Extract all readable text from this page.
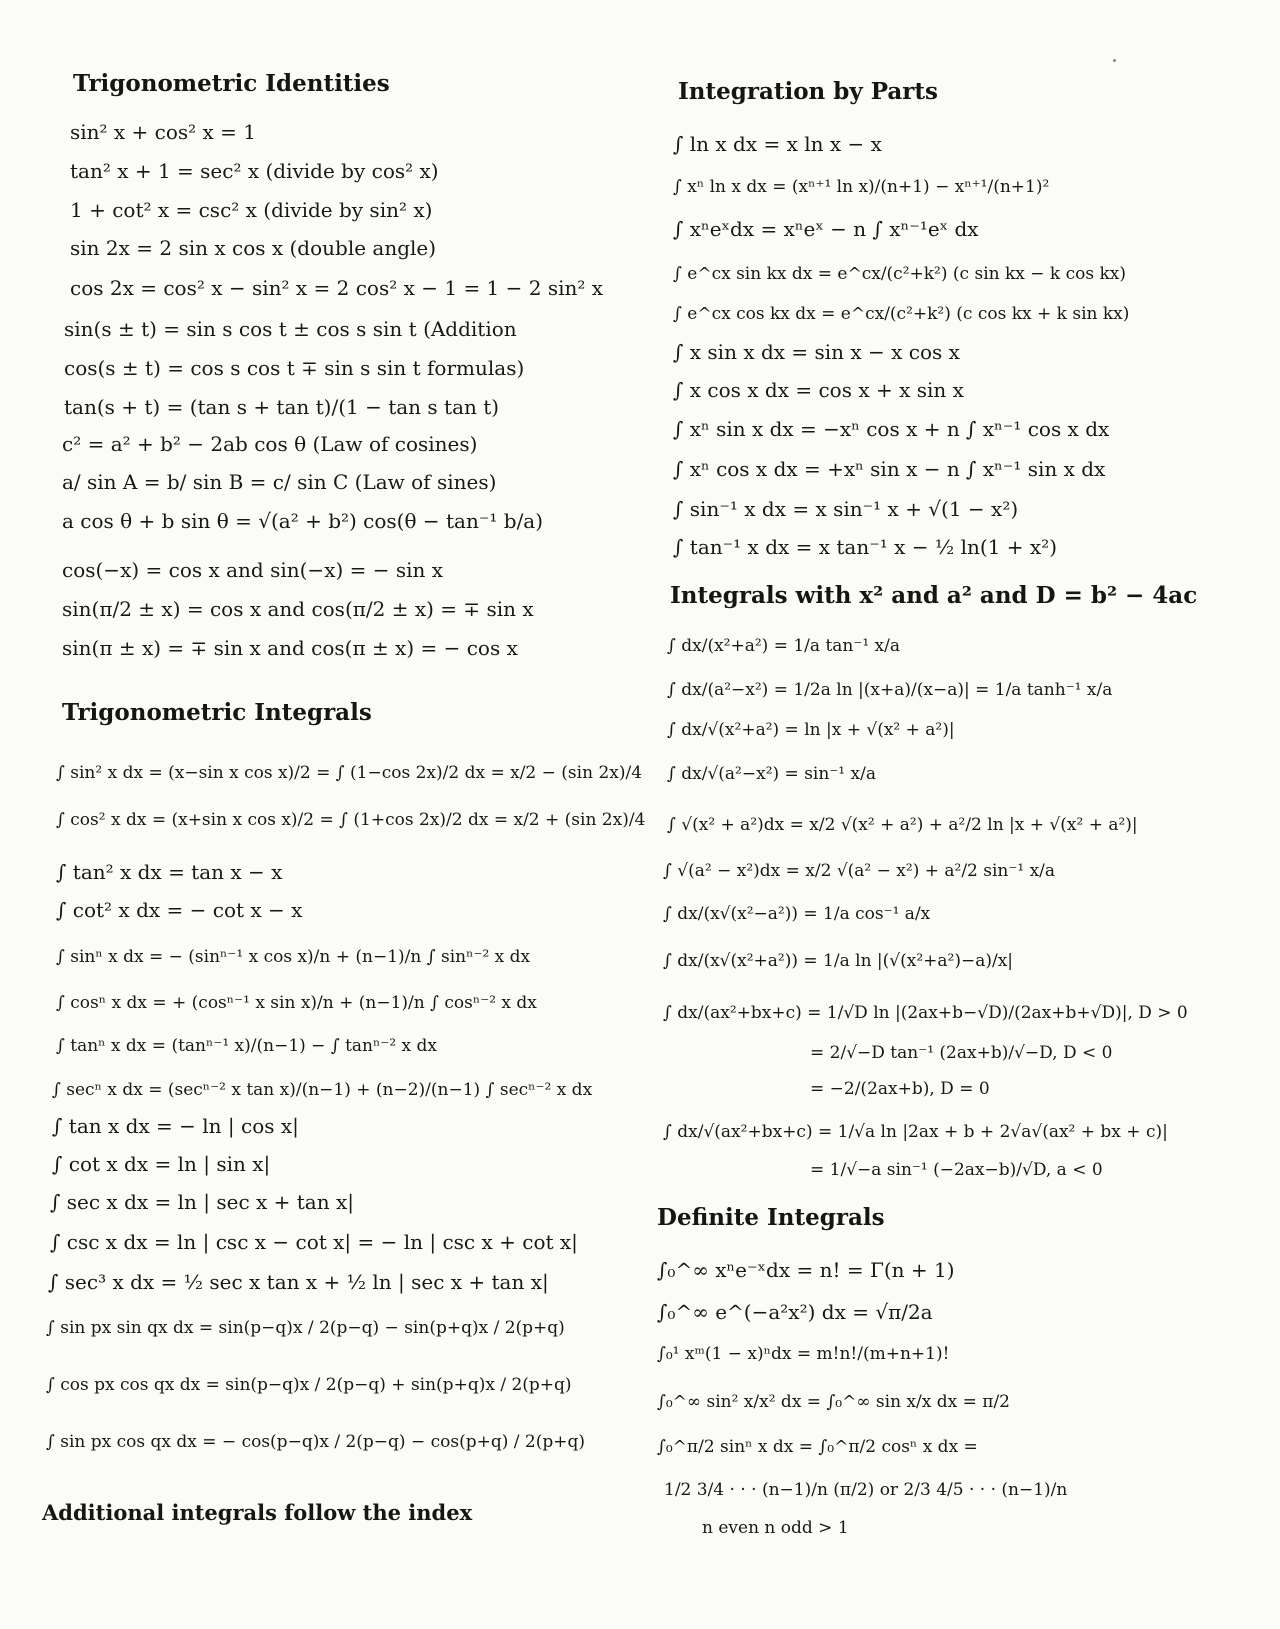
Trigonometric Identities
sin² x + cos² x = 1
tan² x + 1 = sec² x (divide by cos² x)
1 + cot² x = csc² x (divide by sin² x)
sin 2x = 2 sin x cos x (double angle)
cos 2x = cos² x − sin² x = 2 cos² x − 1 = 1 − 2 sin² x
sin(s ± t) = sin s cos t ± cos s sin t (Addition
cos(s ± t) = cos s cos t ∓ sin s sin t formulas)
tan(s + t) = (tan s + tan t)/(1 − tan s tan t)
c² = a² + b² − 2ab cos θ (Law of cosines)
a/ sin A = b/ sin B = c/ sin C (Law of sines)
a cos θ + b sin θ = √(a² + b²) cos(θ − tan⁻¹ b/a)
cos(−x) = cos x and sin(−x) = − sin x
sin(π/2 ± x) = cos x and cos(π/2 ± x) = ∓ sin x
sin(π ± x) = ∓ sin x and cos(π ± x) = − cos x
Trigonometric Integrals
∫ sin² x dx = (x−sin x cos x)/2 = ∫ (1−cos 2x)/2 dx = x/2 − (sin 2x)/4
∫ cos² x dx = (x+sin x cos x)/2 = ∫ (1+cos 2x)/2 dx = x/2 + (sin 2x)/4
∫ tan² x dx = tan x − x
∫ cot² x dx = − cot x − x
∫ sinⁿ x dx = − (sinⁿ⁻¹ x cos x)/n + (n−1)/n ∫ sinⁿ⁻² x dx
∫ cosⁿ x dx = + (cosⁿ⁻¹ x sin x)/n + (n−1)/n ∫ cosⁿ⁻² x dx
∫ tanⁿ x dx = (tanⁿ⁻¹ x)/(n−1) − ∫ tanⁿ⁻² x dx
∫ secⁿ x dx = (secⁿ⁻² x tan x)/(n−1) + (n−2)/(n−1) ∫ secⁿ⁻² x dx
∫ tan x dx = − ln | cos x|
∫ cot x dx = ln | sin x|
∫ sec x dx = ln | sec x + tan x|
∫ csc x dx = ln | csc x − cot x| = − ln | csc x + cot x|
∫ sec³ x dx = ½ sec x tan x + ½ ln | sec x + tan x|
∫ sin px sin qx dx = sin(p−q)x / 2(p−q) − sin(p+q)x / 2(p+q)
∫ cos px cos qx dx = sin(p−q)x / 2(p−q) + sin(p+q)x / 2(p+q)
∫ sin px cos qx dx = − cos(p−q)x / 2(p−q) − cos(p+q) / 2(p+q)
Additional integrals follow the index
Integration by Parts
∫ ln x dx = x ln x − x
∫ xⁿ ln x dx = (xⁿ⁺¹ ln x)/(n+1) − xⁿ⁺¹/(n+1)²
∫ xⁿeˣdx = xⁿeˣ − n ∫ xⁿ⁻¹eˣ dx
∫ e^cx sin kx dx = e^cx/(c²+k²) (c sin kx − k cos kx)
∫ e^cx cos kx dx = e^cx/(c²+k²) (c cos kx + k sin kx)
∫ x sin x dx = sin x − x cos x
∫ x cos x dx = cos x + x sin x
∫ xⁿ sin x dx = −xⁿ cos x + n ∫ xⁿ⁻¹ cos x dx
∫ xⁿ cos x dx = +xⁿ sin x − n ∫ xⁿ⁻¹ sin x dx
∫ sin⁻¹ x dx = x sin⁻¹ x + √(1 − x²)
∫ tan⁻¹ x dx = x tan⁻¹ x − ½ ln(1 + x²)
Integrals with x² and a² and D = b² − 4ac
∫ dx/(x²+a²) = 1/a tan⁻¹ x/a
∫ dx/(a²−x²) = 1/2a ln |(x+a)/(x−a)| = 1/a tanh⁻¹ x/a
∫ dx/√(x²+a²) = ln |x + √(x² + a²)|
∫ dx/√(a²−x²) = sin⁻¹ x/a
∫ √(x² + a²)dx = x/2 √(x² + a²) + a²/2 ln |x + √(x² + a²)|
∫ √(a² − x²)dx = x/2 √(a² − x²) + a²/2 sin⁻¹ x/a
∫ dx/(x√(x²−a²)) = 1/a cos⁻¹ a/x
∫ dx/(x√(x²+a²)) = 1/a ln |(√(x²+a²)−a)/x|
∫ dx/(ax²+bx+c) = 1/√D ln |(2ax+b−√D)/(2ax+b+√D)|, D > 0
= 2/√−D tan⁻¹ (2ax+b)/√−D, D < 0
= −2/(2ax+b), D = 0
∫ dx/√(ax²+bx+c) = 1/√a ln |2ax + b + 2√a√(ax² + bx + c)|
= 1/√−a sin⁻¹ (−2ax−b)/√D, a < 0
Definite Integrals
∫₀^∞ xⁿe⁻ˣdx = n! = Γ(n + 1)
∫₀^∞ e^(−a²x²) dx = √π/2a
∫₀¹ xᵐ(1 − x)ⁿdx = m!n!/(m+n+1)!
∫₀^∞ sin² x/x² dx = ∫₀^∞ sin x/x dx = π/2
∫₀^π/2 sinⁿ x dx = ∫₀^π/2 cosⁿ x dx =
1/2 3/4 · · · (n−1)/n (π/2) or 2/3 4/5 · · · (n−1)/n
n even n odd > 1
